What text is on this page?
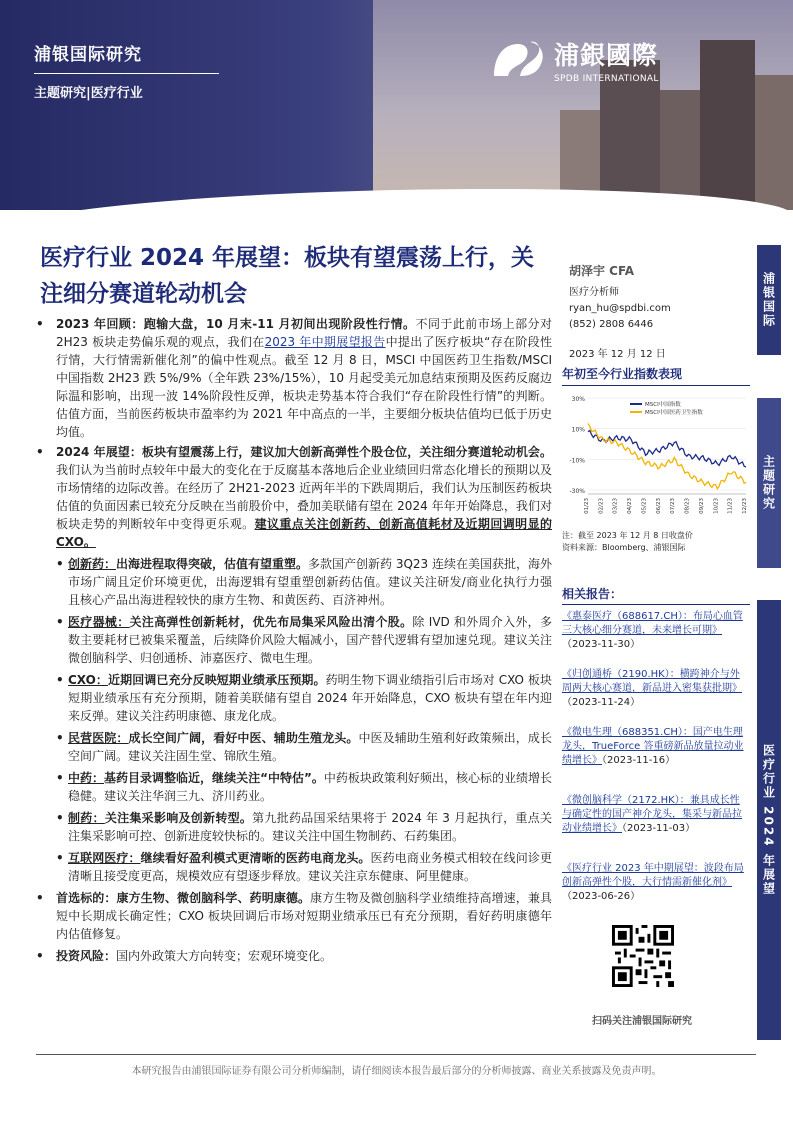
浦银国际研究
主题研究|医疗行业
浦銀國際
SPDB INTERNATIONAL
医疗行业 2024 年展望：板块有望震荡上行，关注细分赛道轮动机会
• 2023 年回顾：跑输大盘，10 月末-11 月初间出现阶段性行情。不同于此前市场上部分对 2H23 板块走势偏乐观的观点，我们在2023 年中期展望报告中提出了医疗板块“存在阶段性行情，大行情需新催化剂”的偏中性观点。截至 12 月 8 日，MSCI 中国医药卫生指数/MSCI 中国指数 2H23 跌 5%/9%（全年跌 23%/15%），10 月起受美元加息结束预期及医药反腐边际温和影响，出现一波 14%阶段性反弹，板块走势基本符合我们“存在阶段性行情”的判断。估值方面，当前医药板块市盈率约为 2021 年中高点的一半，主要细分板块估值均已低于历史均值。
• 2024 年展望：板块有望震荡上行，建议加大创新高弹性个股仓位，关注细分赛道轮动机会。我们认为当前时点较年中最大的变化在于反腐基本落地后企业业绩回归常态化增长的预期以及市场情绪的边际改善。在经历了 2H21-2023 近两年半的下跌周期后，我们认为压制医药板块估值的负面因素已较充分反映在当前股价中，叠加美联储有望在 2024 年年开始降息，我们对板块走势的判断较年中变得更乐观。建议重点关注创新药、创新高值耗材及近期回调明显的 CXO。
• 创新药：出海进程取得突破，估值有望重塑。多款国产创新药 3Q23 连续在美国获批，海外市场广阔且定价环境更优，出海逻辑有望重塑创新药估值。建议关注研发/商业化执行力强且核心产品出海进程较快的康方生物、和黄医药、百济神州。
• 医疗器械：关注高弹性创新耗材，优先布局集采风险出清个股。除 IVD 和外周介入外，多数主要耗材已被集采覆盖，后续降价风险大幅减小，国产替代逻辑有望加速兑现。建议关注微创脑科学、归创通桥、沛嘉医疗、微电生理。
• CXO：近期回调已充分反映短期业绩承压预期。药明生物下调业绩指引后市场对 CXO 板块短期业绩承压有充分预期，随着美联储有望自 2024 年开始降息，CXO 板块有望在年内迎来反弹。建议关注药明康德、康龙化成。
• 民营医院：成长空间广阔，看好中医、辅助生殖龙头。中医及辅助生殖利好政策频出，成长空间广阔。建议关注固生堂、锦欣生殖。
• 中药：基药目录调整临近，继续关注“中特估”。中药板块政策利好频出，核心标的业绩增长稳健。建议关注华润三九、济川药业。
• 制药：关注集采影响及创新转型。第九批药品国采结果将于 2024 年 3 月起执行，重点关注集采影响可控、创新进度较快标的。建议关注中国生物制药、石药集团。
• 互联网医疗：继续看好盈利模式更清晰的医药电商龙头。医药电商业务模式相较在线问诊更清晰且接受度更高，规模效应有望逐步释放。建议关注京东健康、阿里健康。
• 首选标的：康方生物、微创脑科学、药明康德。康方生物及微创脑科学业绩维持高增速，兼具短中长期成长确定性；CXO 板块回调后市场对短期业绩承压已有充分预期，看好药明康德年内估值修复。
• 投资风险：国内外政策大方向转变；宏观环境变化。
胡泽宇 CFA
医疗分析师
ryan_hu@spdbi.com
(852) 2808 6446
2023 年 12 月 12 日
年初至今行业指数表现
30%
10%
-10%
-30%
01/23 02/23 03/23 04/23 05/23 06/23 07/23 08/23 09/23 10/23 11/23 12/23
MSCI中国指数
MSCI中国医药卫生指数
注：截至 2023 年 12 月 8 日收盘价
资料来源：Bloomberg、浦银国际
相关报告：
《惠泰医疗（688617.CH）：布局心血管三大核心细分赛道，未来增长可期》（2023-11-30）
《归创通桥（2190.HK）：横跨神介与外周两大核心赛道，新品进入密集获批期》（2023-11-24）
《微电生理（688351.CH）：国产电生理龙头，TrueForce 答重磅新品放量拉动业绩增长》（2023-11-16）
《微创脑科学（2172.HK）：兼具成长性与确定性的国产神介龙头，集采与新品拉动业绩增长》（2023-11-03）
《医疗行业 2023 年中期展望：波段布局创新高弹性个股，大行情需新催化剂》（2023-06-26）
扫码关注浦银国际研究
浦银国际
主题研究
医疗行业 2024 年展望
本研究报告由浦银国际证券有限公司分析师编制，请仔细阅读本报告最后部分的分析师披露、商业关系披露及免责声明。
